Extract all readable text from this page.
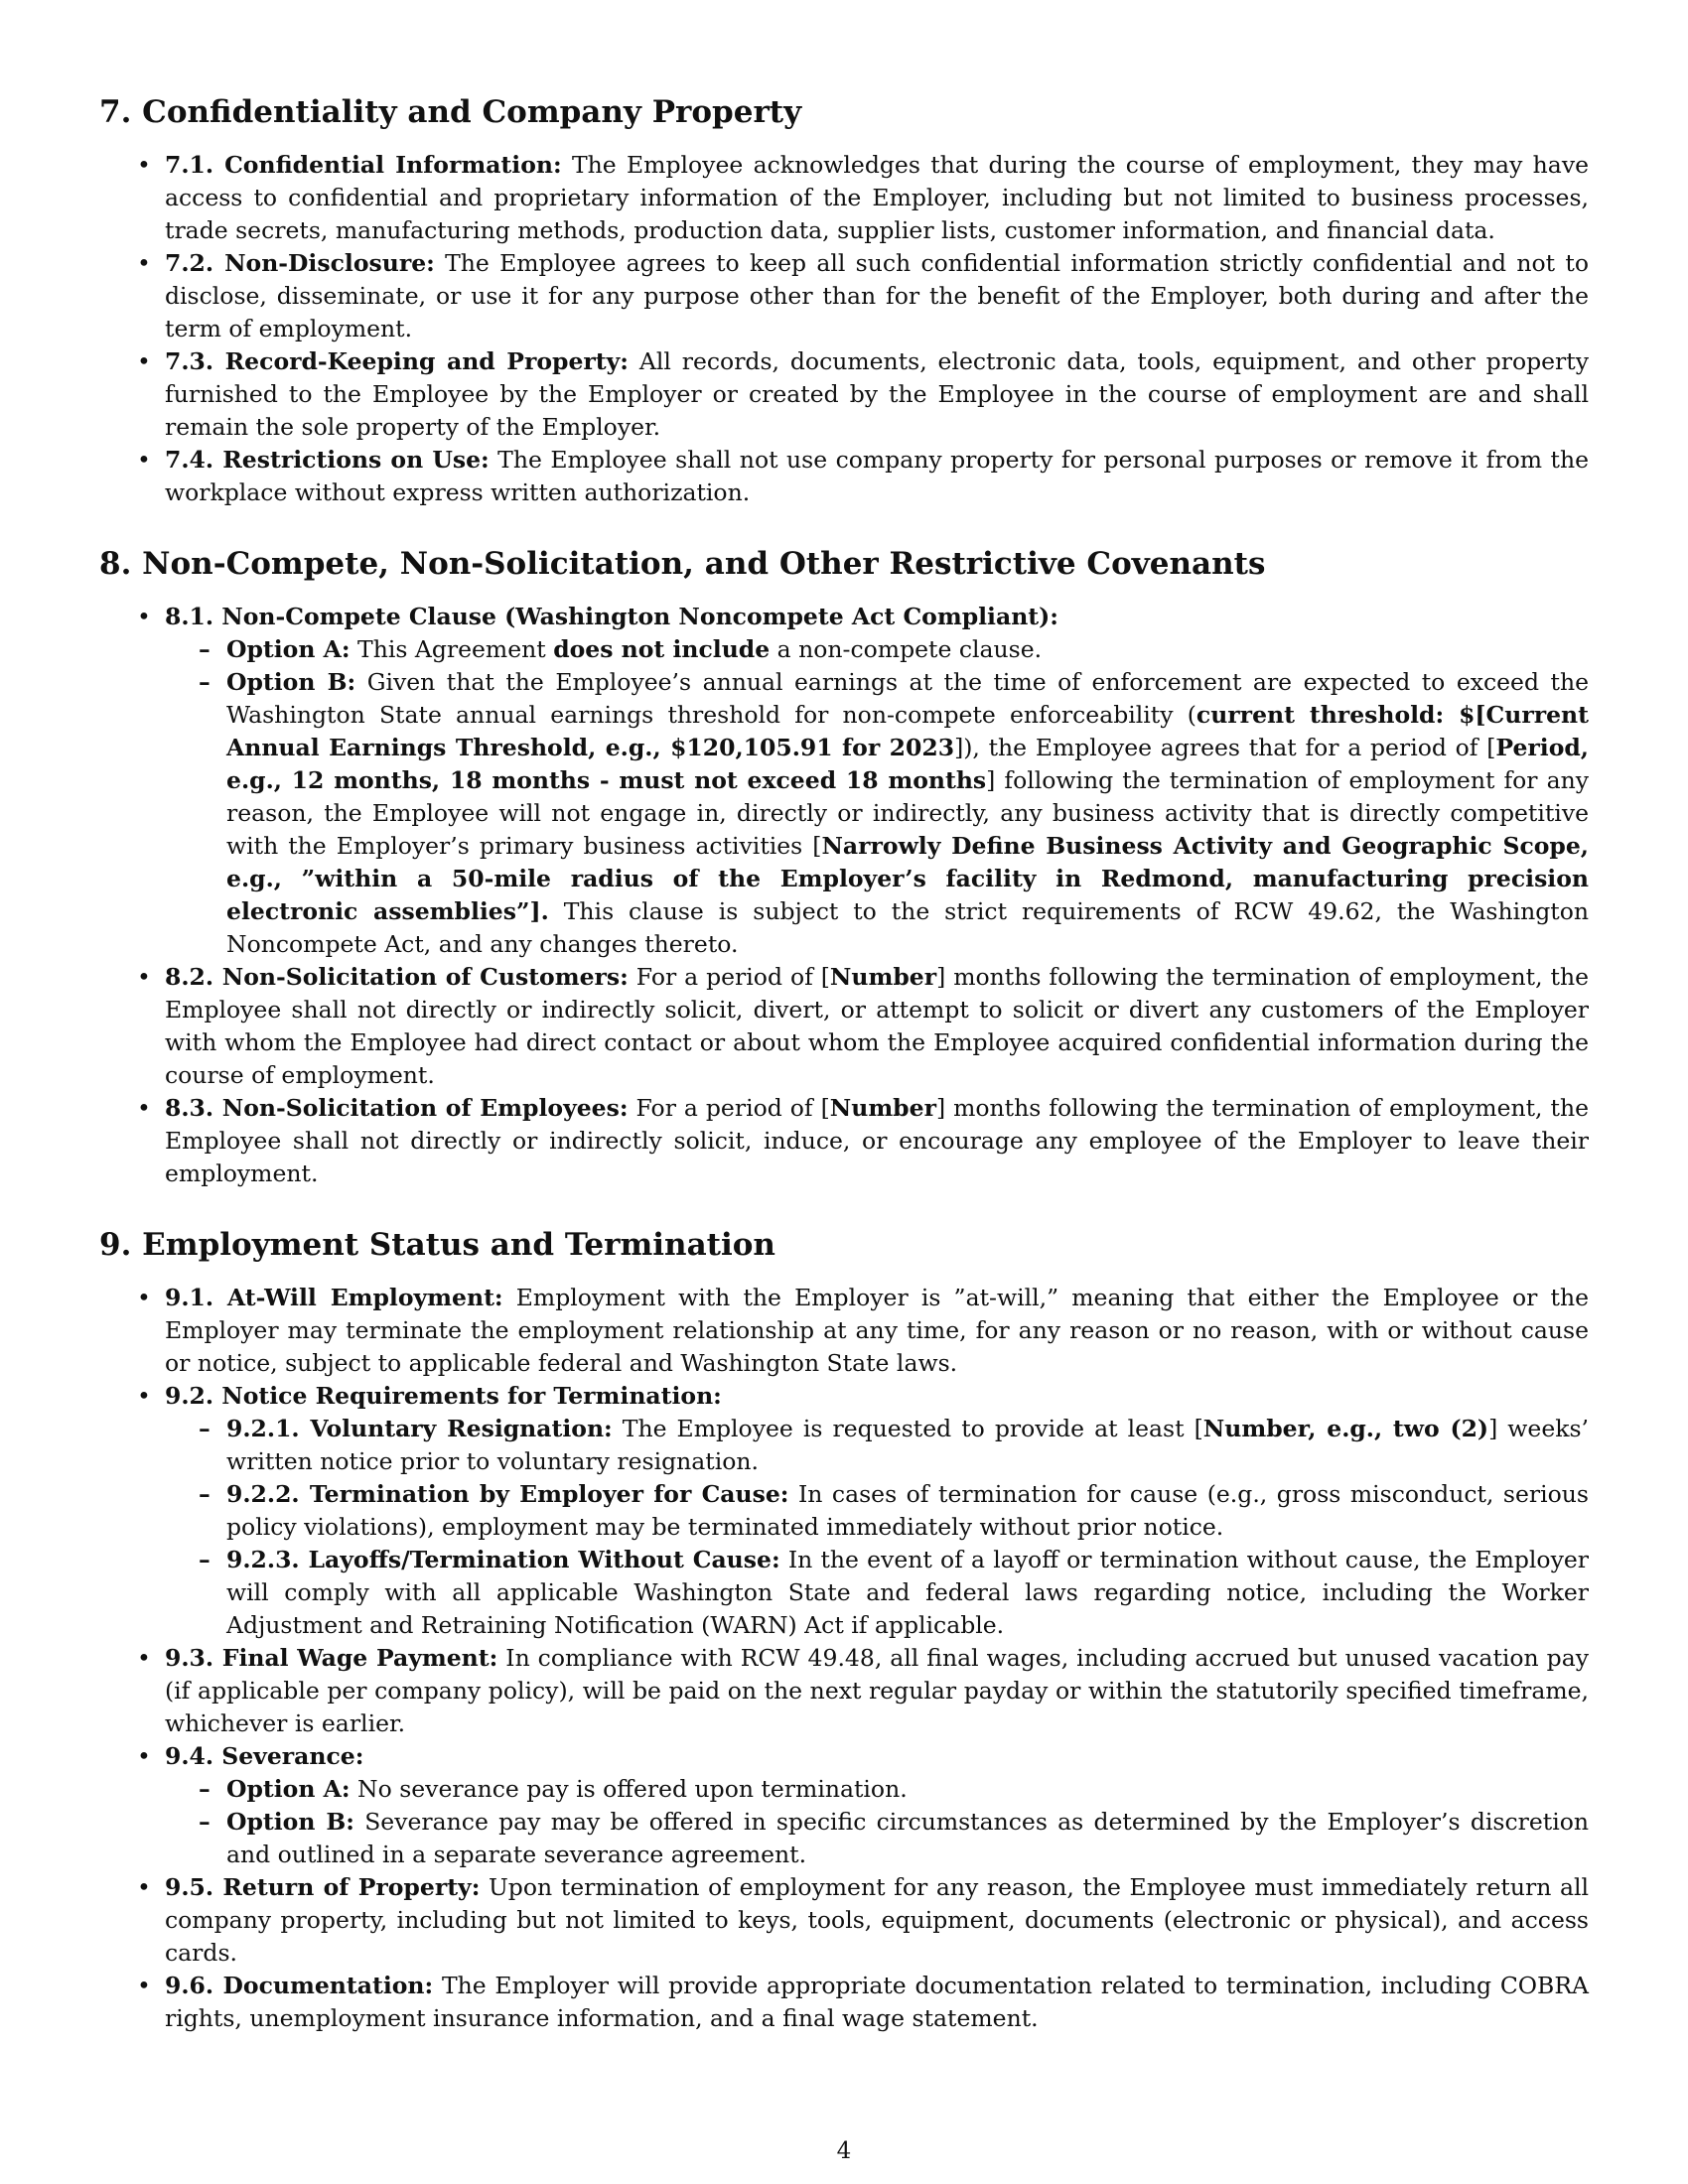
7. Confidentiality and Company Property
• 7.1. Confidential Information: The Employee acknowledges that during the course of employment, they may have access to confidential and proprietary information of the Employer, including but not limited to business processes, trade secrets, manufacturing methods, production data, supplier lists, customer information, and financial data.
• 7.2. Non-Disclosure: The Employee agrees to keep all such confidential information strictly confidential and not to disclose, disseminate, or use it for any purpose other than for the benefit of the Employer, both during and after the term of employment.
• 7.3. Record-Keeping and Property: All records, documents, electronic data, tools, equipment, and other property furnished to the Employee by the Employer or created by the Employee in the course of employment are and shall remain the sole property of the Employer.
• 7.4. Restrictions on Use: The Employee shall not use company property for personal purposes or remove it from the workplace without express written authorization.
8. Non-Compete, Non-Solicitation, and Other Restrictive Covenants
• 8.1. Non-Compete Clause (Washington Noncompete Act Compliant):
– Option A: This Agreement does not include a non-compete clause.
– Option B: Given that the Employee’s annual earnings at the time of enforcement are expected to exceed the Washington State annual earnings threshold for non-compete enforceability (current threshold: $[Current Annual Earnings Threshold, e.g., $120,105.91 for 2023]), the Employee agrees that for a period of [Period, e.g., 12 months, 18 months - must not exceed 18 months] following the termination of employment for any reason, the Employee will not engage in, directly or indirectly, any business activity that is directly competitive with the Employer’s primary business activities [Narrowly Define Business Activity and Geographic Scope, e.g., ”within a 50-mile radius of the Employer’s facility in Redmond, manufacturing precision electronic assemblies”]. This clause is subject to the strict requirements of RCW 49.62, the Washington Noncompete Act, and any changes thereto.
• 8.2. Non-Solicitation of Customers: For a period of [Number] months following the termination of employment, the Employee shall not directly or indirectly solicit, divert, or attempt to solicit or divert any customers of the Employer with whom the Employee had direct contact or about whom the Employee acquired confidential information during the course of employment.
• 8.3. Non-Solicitation of Employees: For a period of [Number] months following the termination of employment, the Employee shall not directly or indirectly solicit, induce, or encourage any employee of the Employer to leave their employment.
9. Employment Status and Termination
• 9.1. At-Will Employment: Employment with the Employer is ”at-will,” meaning that either the Employee or the Employer may terminate the employment relationship at any time, for any reason or no reason, with or without cause or notice, subject to applicable federal and Washington State laws.
• 9.2. Notice Requirements for Termination:
– 9.2.1. Voluntary Resignation: The Employee is requested to provide at least [Number, e.g., two (2)] weeks’ written notice prior to voluntary resignation.
– 9.2.2. Termination by Employer for Cause: In cases of termination for cause (e.g., gross misconduct, serious policy violations), employment may be terminated immediately without prior notice.
– 9.2.3. Layoffs/Termination Without Cause: In the event of a layoff or termination without cause, the Employer will comply with all applicable Washington State and federal laws regarding notice, including the Worker Adjustment and Retraining Notification (WARN) Act if applicable.
• 9.3. Final Wage Payment: In compliance with RCW 49.48, all final wages, including accrued but unused vacation pay (if applicable per company policy), will be paid on the next regular payday or within the statutorily specified timeframe, whichever is earlier.
• 9.4. Severance:
– Option A: No severance pay is offered upon termination.
– Option B: Severance pay may be offered in specific circumstances as determined by the Employer’s discretion and outlined in a separate severance agreement.
• 9.5. Return of Property: Upon termination of employment for any reason, the Employee must immediately return all company property, including but not limited to keys, tools, equipment, documents (electronic or physical), and access cards.
• 9.6. Documentation: The Employer will provide appropriate documentation related to termination, including COBRA rights, unemployment insurance information, and a final wage statement.
4
